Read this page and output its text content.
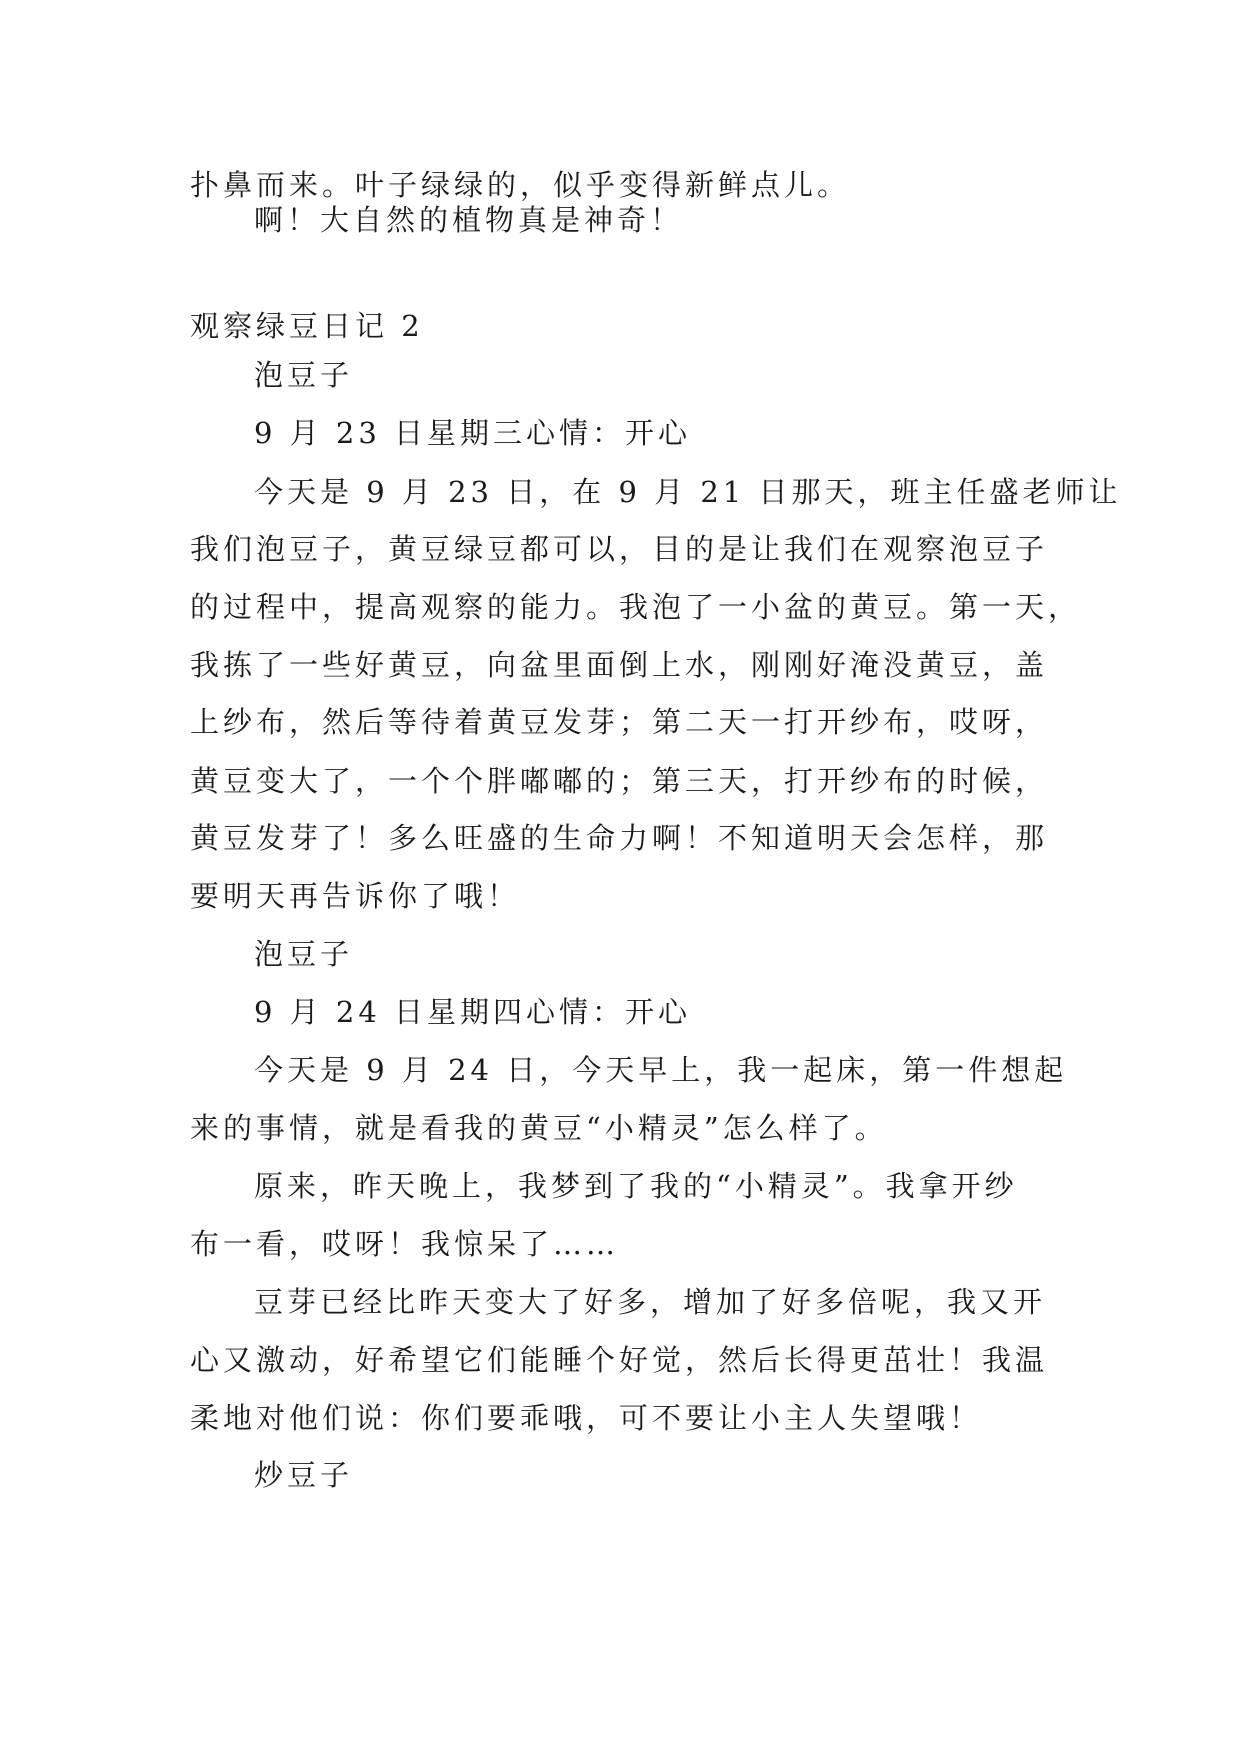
扑鼻而来。叶子绿绿的，似乎变得新鲜点儿。
啊！大自然的植物真是神奇！
观察绿豆日记 2
泡豆子
9 月 23 日星期三心情：开心
今天是 9 月 23 日，在 9 月 21 日那天，班主任盛老师让
我们泡豆子，黄豆绿豆都可以，目的是让我们在观察泡豆子
的过程中，提高观察的能力。我泡了一小盆的黄豆。第一天，
我拣了一些好黄豆，向盆里面倒上水，刚刚好淹没黄豆，盖
上纱布，然后等待着黄豆发芽；第二天一打开纱布，哎呀，
黄豆变大了，一个个胖嘟嘟的；第三天，打开纱布的时候，
黄豆发芽了！多么旺盛的生命力啊！不知道明天会怎样，那
要明天再告诉你了哦！
泡豆子
9 月 24 日星期四心情：开心
今天是 9 月 24 日，今天早上，我一起床，第一件想起
来的事情，就是看我的黄豆“小精灵”怎么样了。
原来，昨天晚上，我梦到了我的“小精灵”。我拿开纱
布一看，哎呀！我惊呆了……
豆芽已经比昨天变大了好多，增加了好多倍呢，我又开
心又激动，好希望它们能睡个好觉，然后长得更茁壮！我温
柔地对他们说：你们要乖哦，可不要让小主人失望哦！
炒豆子
